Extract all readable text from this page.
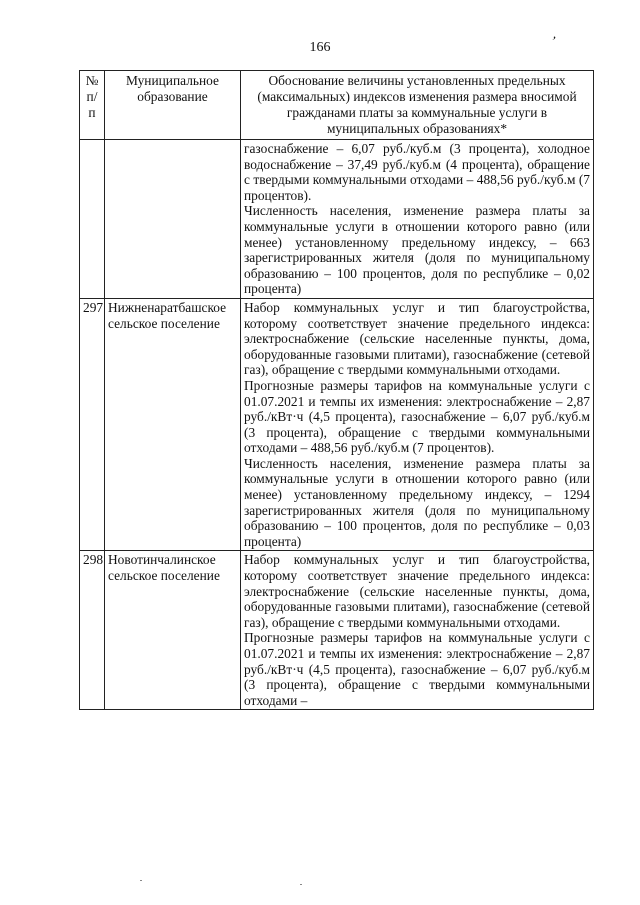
166	’
№ п/п	Муниципальное образование	Обоснование величины установленных предельных (максимальных) индексов изменения размера вносимой гражданами платы за коммунальные услуги в муниципальных образованиях*

		газоснабжение – 6,07 руб./куб.м (3 процента), холодное водоснабжение – 37,49 руб./куб.м (4 процента), обращение с твердыми коммунальными отходами – 488,56 руб./куб.м (7 процентов).

Численность населения, изменение размера платы за коммунальные услуги в отношении которого равно (или менее) установленному предельному индексу, – 663 зарегистрированных жителя (доля по муниципальному образованию – 100 процентов, доля по республике – 0,02 процента)

297	Нижненаратбашское сельское поселение	Набор коммунальных услуг и тип благоустройства, которому соответствует значение предельного индекса: электроснабжение (сельские населенные пункты, дома, оборудованные газовыми плитами), газоснабжение (сетевой газ), обращение с твердыми коммунальными отходами.

Прогнозные размеры тарифов на коммунальные услуги с 01.07.2021 и темпы их изменения: электроснабжение – 2,87 руб./кВт·ч (4,5 процента), газоснабжение – 6,07 руб./куб.м (3 процента), обращение с твердыми коммунальными отходами – 488,56 руб./куб.м (7 процентов).

Численность населения, изменение размера платы за коммунальные услуги в отношении которого равно (или менее) установленному предельному индексу, – 1294 зарегистрированных жителя (доля по муниципальному образованию – 100 процентов, доля по республике – 0,03 процента)

298	Новотинчалинское сельское поселение	Набор коммунальных услуг и тип благоустройства, которому соответствует значение предельного индекса: электроснабжение (сельские населенные пункты, дома, оборудованные газовыми плитами), газоснабжение (сетевой газ), обращение с твердыми коммунальными отходами.

Прогнозные размеры тарифов на коммунальные услуги с 01.07.2021 и темпы их изменения: электроснабжение – 2,87 руб./кВт·ч (4,5 процента), газоснабжение – 6,07 руб./куб.м (3 процента), обращение с твердыми коммунальными отходами –
